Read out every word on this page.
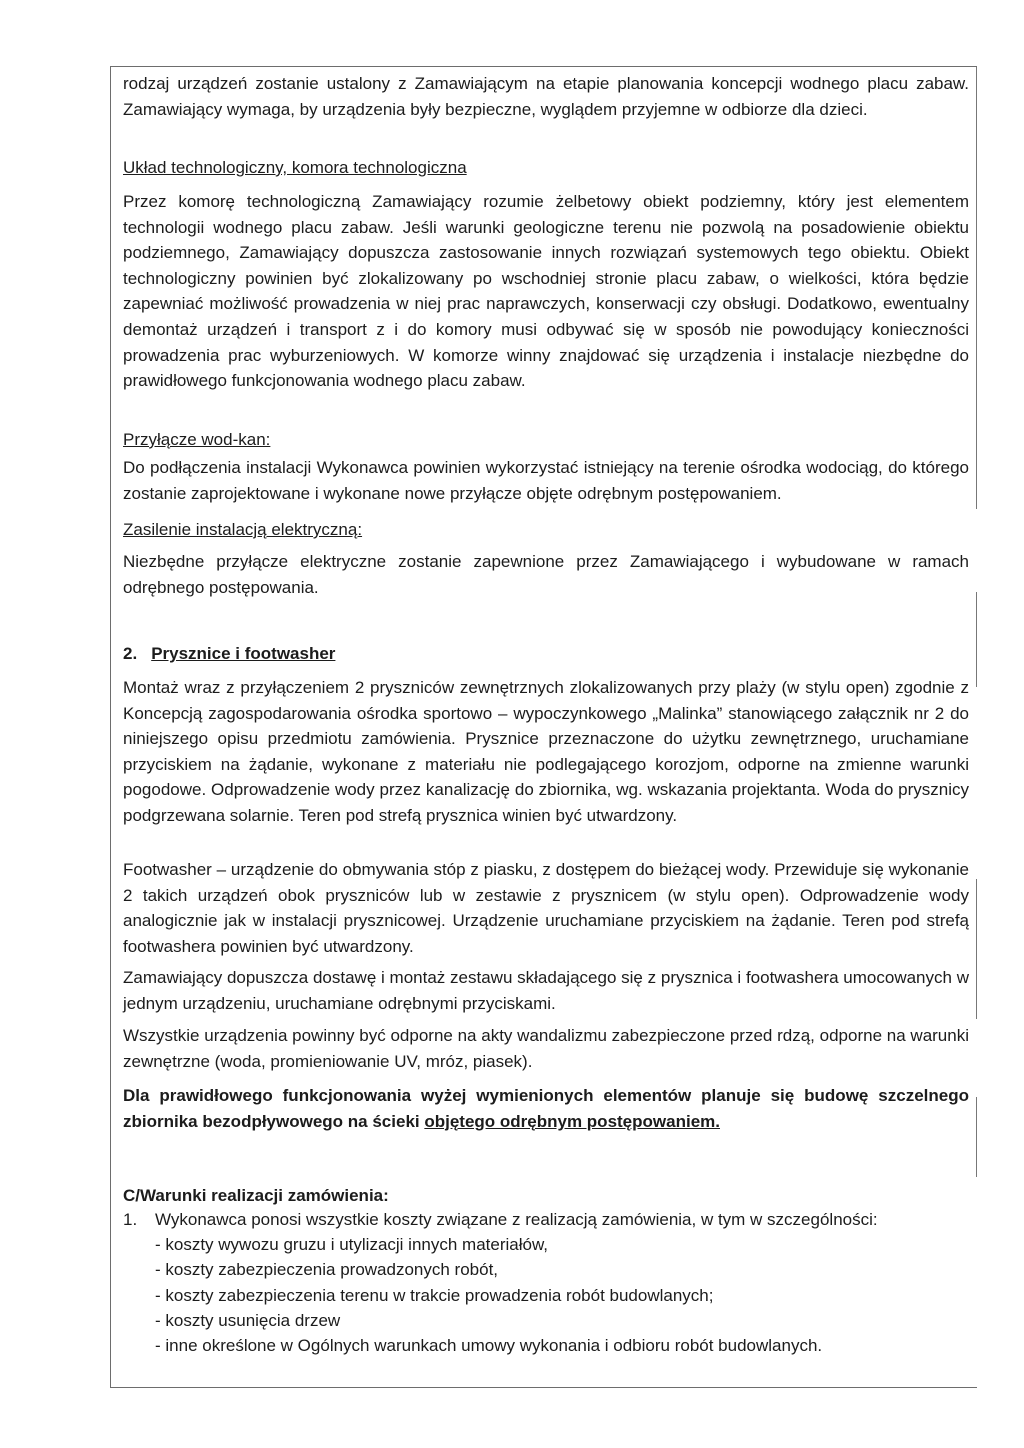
rodzaj urządzeń zostanie ustalony z Zamawiającym na etapie planowania koncepcji wodnego placu zabaw. Zamawiający wymaga, by urządzenia były bezpieczne, wyglądem przyjemne w odbiorze dla dzieci.

Układ technologiczny, komora technologiczna

Przez komorę technologiczną Zamawiający rozumie żelbetowy obiekt podziemny, który jest elementem technologii wodnego placu zabaw. Jeśli warunki geologiczne terenu nie pozwolą na posadowienie obiektu podziemnego, Zamawiający dopuszcza zastosowanie innych rozwiązań systemowych tego obiektu. Obiekt technologiczny powinien być zlokalizowany po wschodniej stronie placu zabaw, o wielkości, która będzie zapewniać możliwość prowadzenia w niej prac naprawczych, konserwacji czy obsługi. Dodatkowo, ewentualny demontaż urządzeń i transport z i do komory musi odbywać się w sposób nie powodujący konieczności prowadzenia prac wyburzeniowych. W komorze winny znajdować się urządzenia i instalacje niezbędne do prawidłowego funkcjonowania wodnego placu zabaw.

Przyłącze wod-kan:

Do podłączenia instalacji Wykonawca powinien wykorzystać istniejący na terenie ośrodka wodociąg, do którego zostanie zaprojektowane i wykonane nowe przyłącze objęte odrębnym postępowaniem.

Zasilenie instalacją elektryczną:

Niezbędne przyłącze elektryczne zostanie zapewnione przez Zamawiającego i wybudowane w ramach odrębnego postępowania.

2. Prysznice i footwasher

Montaż wraz z przyłączeniem 2 pryszniców zewnętrznych zlokalizowanych przy plaży (w stylu open) zgodnie z Koncepcją zagospodarowania ośrodka sportowo – wypoczynkowego „Malinka” stanowiącego załącznik nr 2 do niniejszego opisu przedmiotu zamówienia. Prysznice przeznaczone do użytku zewnętrznego, uruchamiane przyciskiem na żądanie, wykonane z materiału nie podlegającego korozjom, odporne na zmienne warunki pogodowe. Odprowadzenie wody przez kanalizację do zbiornika, wg. wskazania projektanta. Woda do prysznicy podgrzewana solarnie. Teren pod strefą prysznica winien być utwardzony.

Footwasher – urządzenie do obmywania stóp z piasku, z dostępem do bieżącej wody. Przewiduje się wykonanie 2 takich urządzeń obok pryszniców lub w zestawie z prysznicem (w stylu open). Odprowadzenie wody analogicznie jak w instalacji prysznicowej. Urządzenie uruchamiane przyciskiem na żądanie. Teren pod strefą footwashera powinien być utwardzony.

Zamawiający dopuszcza dostawę i montaż zestawu składającego się z prysznica i footwashera umocowanych w jednym urządzeniu, uruchamiane odrębnymi przyciskami.

Wszystkie urządzenia powinny być odporne na akty wandalizmu zabezpieczone przed rdzą, odporne na warunki zewnętrzne (woda, promieniowanie UV, mróz, piasek).

Dla prawidłowego funkcjonowania wyżej wymienionych elementów planuje się budowę szczelnego zbiornika bezodpływowego na ścieki objętego odrębnym postępowaniem.

C/Warunki realizacji zamówienia:

1.	Wykonawca ponosi wszystkie koszty związane z realizacją zamówienia, w tym w szczególności:
- koszty wywozu gruzu i utylizacji innych materiałów,
- koszty zabezpieczenia prowadzonych robót,
- koszty zabezpieczenia terenu w trakcie prowadzenia robót budowlanych;
- koszty usunięcia drzew
- inne określone w Ogólnych warunkach umowy wykonania i odbioru robót budowlanych.
